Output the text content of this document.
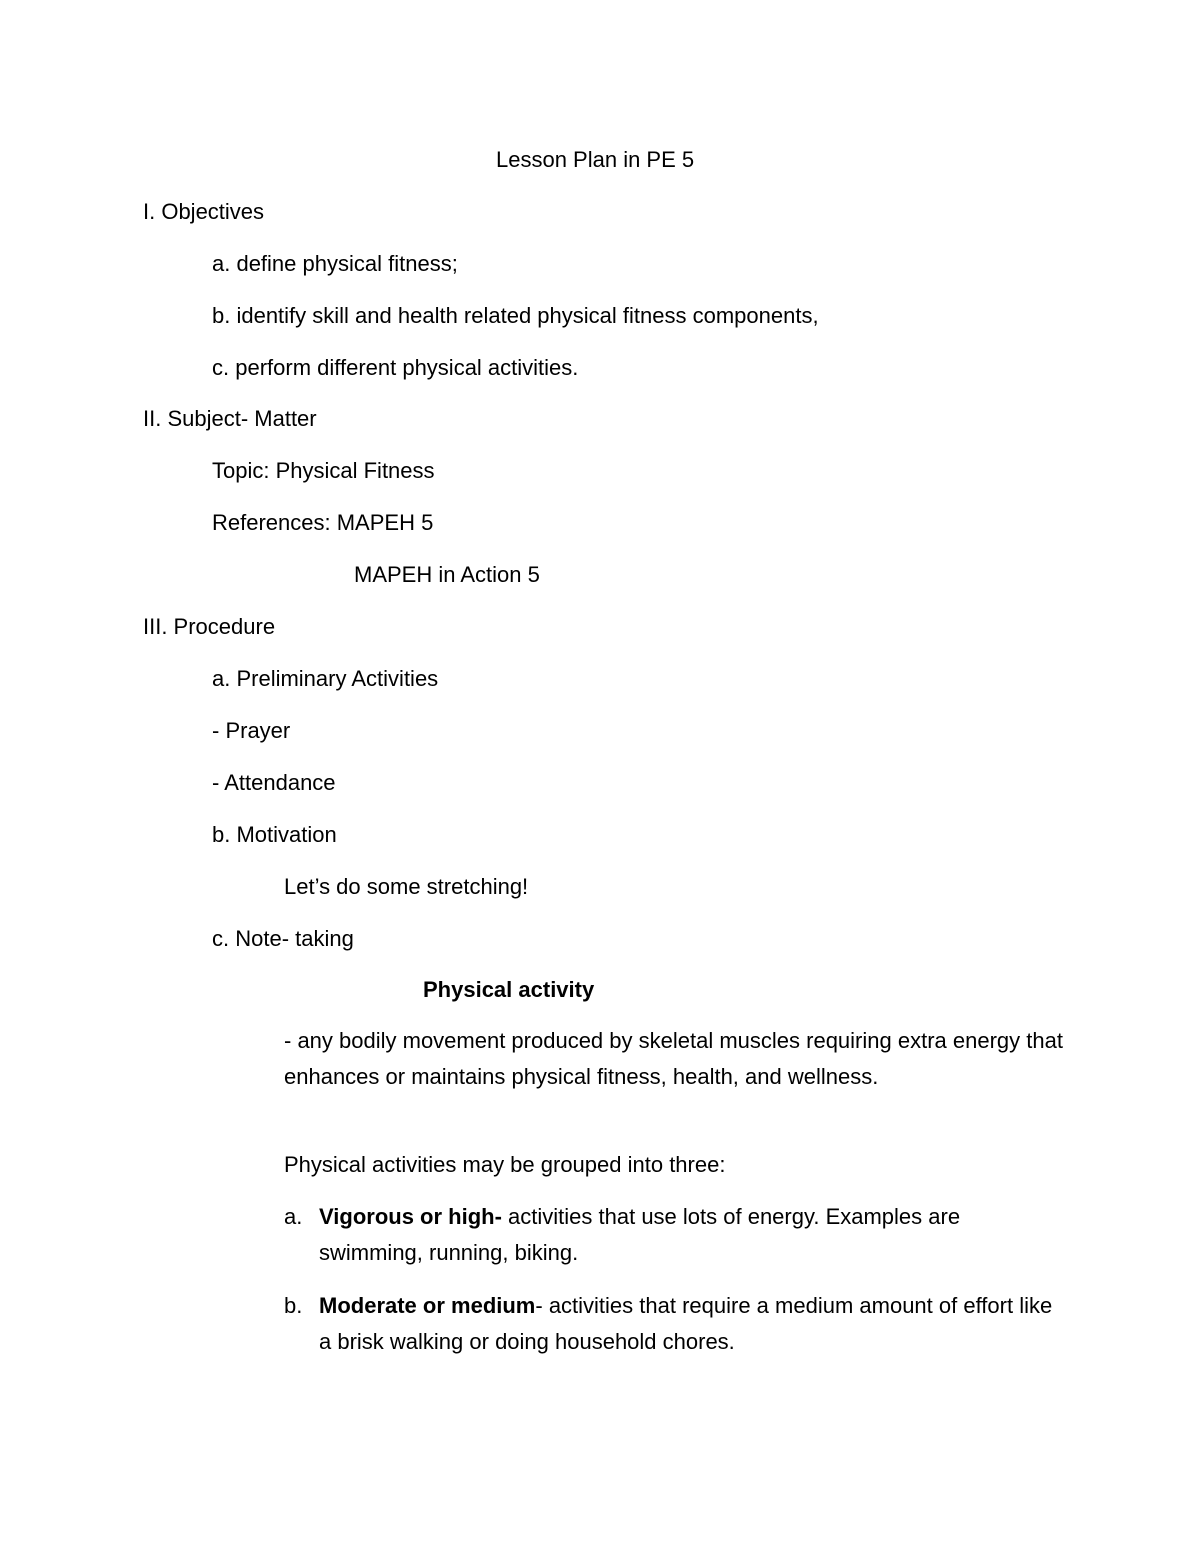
Lesson Plan in PE 5
I. Objectives
a. define physical fitness;
b. identify skill and health related physical fitness components,
c. perform different physical activities.
II. Subject- Matter
Topic: Physical Fitness
References: MAPEH 5
MAPEH in Action 5
III. Procedure
a. Preliminary Activities
- Prayer
- Attendance
b. Motivation
Let’s do some stretching!
c. Note- taking
Physical activity
- any bodily movement produced by skeletal muscles requiring extra energy that enhances or maintains physical fitness, health, and wellness.
Physical activities may be grouped into three:
a. Vigorous or high- activities that use lots of energy. Examples are swimming, running, biking.
b. Moderate or medium- activities that require a medium amount of effort like a brisk walking or doing household chores.
